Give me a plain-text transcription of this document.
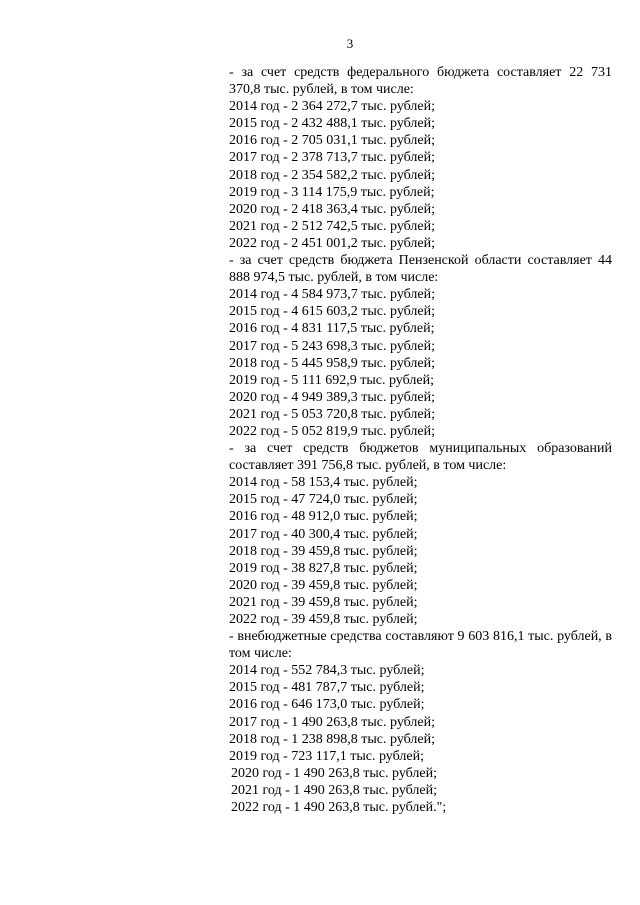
3
- за счет средств федерального бюджета составляет 22 731 370,8 тыс. рублей, в том числе:
2014 год - 2 364 272,7 тыс. рублей;
2015 год - 2 432 488,1 тыс. рублей;
2016 год - 2 705 031,1 тыс. рублей;
2017 год - 2 378 713,7 тыс. рублей;
2018 год - 2 354 582,2 тыс. рублей;
2019 год - 3 114 175,9 тыс. рублей;
2020 год - 2 418 363,4 тыс. рублей;
2021 год - 2 512 742,5 тыс. рублей;
2022 год - 2 451 001,2 тыс. рублей;
- за счет средств бюджета Пензенской области составляет 44 888 974,5 тыс. рублей, в том числе:
2014 год - 4 584 973,7 тыс. рублей;
2015 год - 4 615 603,2 тыс. рублей;
2016 год - 4 831 117,5 тыс. рублей;
2017 год - 5 243 698,3 тыс. рублей;
2018 год - 5 445 958,9 тыс. рублей;
2019 год - 5 111 692,9 тыс. рублей;
2020 год - 4 949 389,3 тыс. рублей;
2021 год - 5 053 720,8 тыс. рублей;
2022 год - 5 052 819,9 тыс. рублей;
- за счет средств бюджетов муниципальных образований составляет 391 756,8 тыс. рублей, в том числе:
2014 год - 58 153,4 тыс. рублей;
2015 год - 47 724,0 тыс. рублей;
2016 год - 48 912,0 тыс. рублей;
2017 год - 40 300,4 тыс. рублей;
2018 год - 39 459,8 тыс. рублей;
2019 год - 38 827,8 тыс. рублей;
2020 год - 39 459,8 тыс. рублей;
2021 год - 39 459,8 тыс. рублей;
2022 год - 39 459,8 тыс. рублей;
- внебюджетные средства составляют 9 603 816,1 тыс. рублей, в том числе:
2014 год - 552 784,3 тыс. рублей;
2015 год - 481 787,7 тыс. рублей;
2016 год - 646 173,0 тыс. рублей;
2017 год - 1 490 263,8 тыс. рублей;
2018 год - 1 238 898,8 тыс. рублей;
2019 год - 723 117,1 тыс. рублей;
2020 год - 1 490 263,8 тыс. рублей;
2021 год - 1 490 263,8 тыс. рублей;
2022 год - 1 490 263,8 тыс. рублей.";
